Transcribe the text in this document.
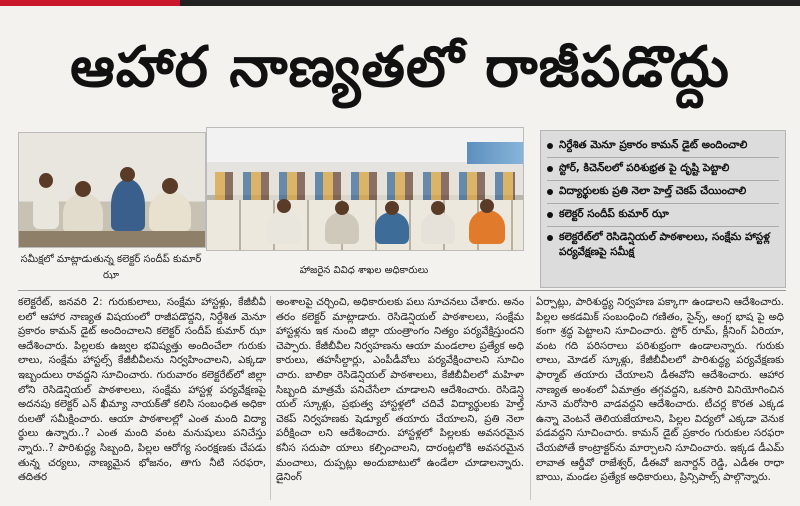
ఆహార నాణ్యతలో రాజీపడొద్దు
సమీక్షలో మాట్లాడుతున్న కలెక్టర్ సందీప్ కుమార్ ఝా	హాజరైన వివిధ శాఖల అధికారులు
నిర్దేశిత మెనూ ప్రకారం కామన్ డైట్ అందించాలి
స్టోర్, కిచెన్‌లలో పరిశుభ్రత పై దృష్టి పెట్టాలి
విద్యార్థులకు ప్రతి నెలా హెల్త్ చెకప్ చేయించాలి
కలెక్టర్ సందీప్ కుమార్ ఝా
కలెక్టరేట్‌లో రెసిడెన్షియల్ పాఠశాలలు, సంక్షేమ హాస్టళ్ల పర్యవేక్షణపై సమీక్ష

కలెక్టరేట్, జనవరి 2: గురుకులాలు, సంక్షేమ హాస్టళ్లు, కేజీబీవీ లలో ఆహార నాణ్యత విషయంలో రాజీపడొద్దని, నిర్దేశిత మెనూ ప్రకారం కామన్ డైట్ అందించాలని కలెక్టర్ సందీప్ కుమార్ ఝా ఆదేశించారు. పిల్లలకు ఉజ్వల భవిష్యత్తు అందించేలా గురుకు లాలు, సంక్షేమ హాస్టల్స్ కేజీబీవీలను నిర్వహించాలని, ఎక్కడా ఇబ్బందులు రావద్దని సూచించారు. గురువారం కలెక్టరేట్‌లో జిల్లా లోని రెసిడెన్షియల్ పాఠశాలలు, సంక్షేమ హాస్టళ్ల పర్యవేక్షణపై అదనపు కలెక్టర్ ఎన్ ఖీమ్యా నాయక్‌తో కలిసి సంబంధిత అధికా రులతో సమీక్షించారు. ఆయా పాఠశాలల్లో ఎంత మంది విద్యా ర్థులు ఉన్నారు..? ఎంత మంది వంట మనుషులు పనిచేస్తు న్నారు..? పారిశుద్ధ్య సిబ్బంది, పిల్లల ఆరోగ్య సంరక్షణకు చేపడు తున్న చర్యలు, నాణ్యమైన భోజనం, తాగు నీటి సరఫరా, తదితర

అంశాలపై చర్చించి, అధికారులకు పలు సూచనలు చేశారు. అనం తరం కలెక్టర్ మాట్లాడారు. రెసిడెన్షియల్ పాఠశాలలు, సంక్షేమ హాస్టళ్లను ఇక నుంచి జిల్లా యంత్రాంగం నిత్యం పర్యవేక్షిస్తుందని చెప్పారు. కేజీబీవీల నిర్వహణను ఆయా మండలాల ప్రత్యేక అధి కారులు, తహసీల్దార్లు, ఎంపీడీవోలు పర్యవేక్షించాలని సూచిం చారు. బాలికా రెసిడెన్షియల్ పాఠశాలలు, కేజీబీవీలలో మహిళా సిబ్బంది మాత్రమే పనిచేసేలా చూడాలని ఆదేశించారు. రెసిడెన్షి యల్ స్కూళ్లు, ప్రభుత్వ హాస్టళ్లలో చదివే విద్యార్థులకు హెల్త్ చెకప్ నిర్వహణకు షెడ్యూల్ తయారు చేయాలని, ప్రతి నెలా పరీక్షించా లని ఆదేశించారు. హాస్టళ్లలో పిల్లలకు అవసరమైన కనీస సదుపా యాలు కల్పించాలని, దారంట్లలోకి అవసరమైన మంచాలు, దుప్పట్లు అందుబాటులో ఉండేలా చూడాలన్నారు. డైనింగ్

ఏర్పాట్లు, పారిశుద్ధ్య నిర్వహణ పక్కాగా ఉండాలని ఆదేశించారు. పిల్లల అకడమిక్ సంబంధించి గణితం, సైన్స్, ఆంగ్ల భాష పై అధి కంగా శ్రద్ధ పెట్టాలని సూచించారు. స్టోర్ రూమ్, క్లీనింగ్ ఏరియా, వంట గది పరిసరాలు పరిశుభ్రంగా ఉండాలన్నారు. గురుకు లాలు, మోడల్ స్కూళ్లు, కేజీబీవీలలో పారిశుద్ధ్య పర్యవేక్షణకు ఫార్మాట్ తయారు చేయాలని డీఈవోని ఆదేశించారు. ఆహార నాణ్యత అంశంలో ఏమాత్రం తగ్గవద్దని, ఒకసారి వినియోగించిన నూనె మరోసారి వాడవద్దని ఆదేశించారు. టీచర్ల కొరత ఎక్కడ ఉన్నా వెంటనే తెలియజేయాలని, పిల్లల విద్యలో ఎక్కడా వెనుక పడవద్దని సూచించారు. కామన్ డైట్ ప్రకారం గురుకుల సరఫరా చేయపోతే కాంట్రాక్టర్‌ను మార్చాలని సూచించారు. ఇక్కడ డీఎమ్ లావాత ఆర్డీవో రాజేశ్వర్, డీఈవో జనార్దన్ రెడ్డి, ఎడీఈ రాధా బాయి, మండల ప్రత్యేక అధికారులు, ప్రిన్సిపాల్స్ పాల్గొన్నారు.
